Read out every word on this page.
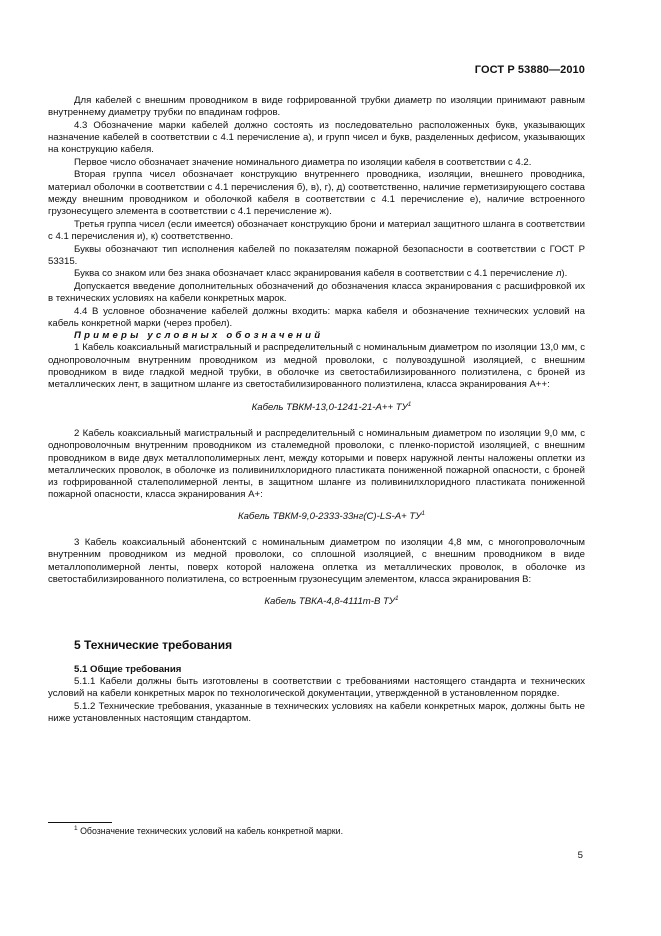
ГОСТ Р 53880—2010

Для кабелей с внешним проводником в виде гофрированной трубки диаметр по изоляции принимают равным внутреннему диаметру трубки по впадинам гофров.

4.3 Обозначение марки кабелей должно состоять из последовательно расположенных букв, указывающих назначение кабелей в соответствии с 4.1 перечисление а), и групп чисел и букв, разделенных дефисом, указывающих на конструкцию кабеля.

Первое число обозначает значение номинального диаметра по изоляции кабеля в соответствии с 4.2.

Вторая группа чисел обозначает конструкцию внутреннего проводника, изоляции, внешнего проводника, материал оболочки в соответствии с 4.1 перечисления б), в), г), д) соответственно, наличие герметизирующего состава между внешним проводником и оболочкой кабеля в соответствии с 4.1 перечисление е), наличие встроенного грузонесущего элемента в соответствии с 4.1 перечисление ж).

Третья группа чисел (если имеется) обозначает конструкцию брони и материал защитного шланга в соответствии с 4.1 перечисления и), к) соответственно.

Буквы обозначают тип исполнения кабелей по показателям пожарной безопасности в соответствии с ГОСТ Р 53315.

Буква со знаком или без знака обозначает класс экранирования кабеля в соответствии с 4.1 перечисление л).

Допускается введение дополнительных обозначений до обозначения класса экранирования с расшифровкой их в технических условиях на кабели конкретных марок.

4.4 В условное обозначение кабелей должны входить: марка кабеля и обозначение технических условий на кабель конкретной марки (через пробел).

Примеры условных обозначений

1 Кабель коаксиальный магистральный и распределительный с номинальным диаметром по изоляции 13,0 мм, с однопроволочным внутренним проводником из медной проволоки, с полувоздушной изоляцией, с внешним проводником в виде гладкой медной трубки, в оболочке из светостабилизированного полиэтилена, с броней из металлических лент, в защитном шланге из светостабилизированного полиэтилена, класса экранирования А++:

Кабель ТВКМ-13,0-1241-21-А++ $ТУ^1$

2 Кабель коаксиальный магистральный и распределительный с номинальным диаметром по изоляции 9,0 мм, с однопроволочным внутренним проводником из сталемедной проволоки, с пленко-пористой изоляцией, с внешним проводником в виде двух металлополимерных лент, между которыми и поверх наружной ленты наложены оплетки из металлических проволок, в оболочке из поливинилхлоридного пластиката пониженной пожарной опасности, с броней из гофрированной сталеполимерной ленты, в защитном шланге из поливинилхлоридного пластиката пониженной пожарной опасности, класса экранирования А+:

Кабель ТВКМ-9,0-2333-33нг(С)-LS-А+ $ТУ^1$

3 Кабель коаксиальный абонентский с номинальным диаметром по изоляции 4,8 мм, с многопроволочным внутренним проводником из медной проволоки, со сплошной изоляцией, с внешним проводником в виде металлополимерной ленты, поверх которой наложена оплетка из металлических проволок, в оболочке из светостабилизированного полиэтилена, со встроенным грузонесущим элементом, класса экранирования В:

Кабель ТВКА-4,8-4111т-В $ТУ^1$

5 Технические требования

5.1 Общие требования

5.1.1 Кабели должны быть изготовлены в соответствии с требованиями настоящего стандарта и технических условий на кабели конкретных марок по технологической документации, утвержденной в установленном порядке.

5.1.2 Технические требования, указанные в технических условиях на кабели конкретных марок, должны быть не ниже установленных настоящим стандартом.

$^1$ Обозначение технических условий на кабель конкретной марки.
5
